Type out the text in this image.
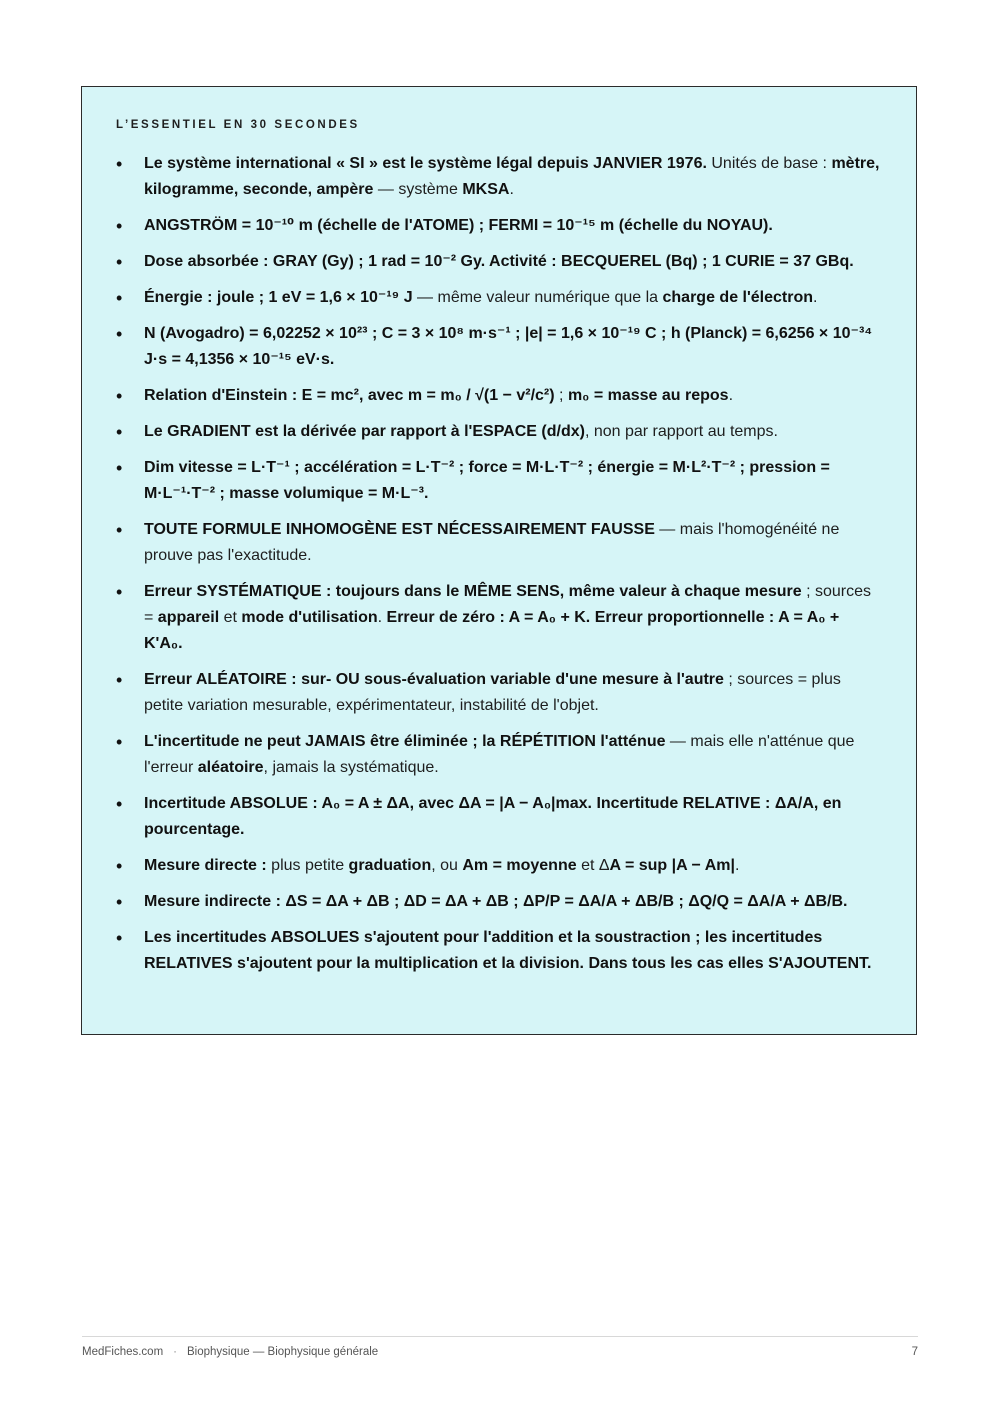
L’ESSENTIEL EN 30 SECONDES
• Le système international « SI » est le système légal depuis JANVIER 1976. Unités de base : mètre, kilogramme, seconde, ampère — système MKSA.
• ANGSTRÖM = 10⁻¹⁰ m (échelle de l'ATOME) ; FERMI = 10⁻¹⁵ m (échelle du NOYAU).
• Dose absorbée : GRAY (Gy) ; 1 rad = 10⁻² Gy. Activité : BECQUEREL (Bq) ; 1 CURIE = 37 GBq.
• Énergie : joule ; 1 eV = 1,6 × 10⁻¹⁹ J — même valeur numérique que la charge de l'électron.
• N (Avogadro) = 6,02252 × 10²³ ; C = 3 × 10⁸ m·s⁻¹ ; |e| = 1,6 × 10⁻¹⁹ C ; h (Planck) = 6,6256 × 10⁻³⁴ J·s = 4,1356 × 10⁻¹⁵ eV·s.
• Relation d'Einstein : E = mc², avec m = m₀ / √(1 − v²/c²) ; m₀ = masse au repos.
• Le GRADIENT est la dérivée par rapport à l'ESPACE (d/dx), non par rapport au temps.
• Dim vitesse = L·T⁻¹ ; accélération = L·T⁻² ; force = M·L·T⁻² ; énergie = M·L²·T⁻² ; pression = M·L⁻¹·T⁻² ; masse volumique = M·L⁻³.
• TOUTE FORMULE INHOMOGÈNE EST NÉCESSAIREMENT FAUSSE — mais l'homogénéité ne prouve pas l'exactitude.
• Erreur SYSTÉMATIQUE : toujours dans le MÊME SENS, même valeur à chaque mesure ; sources = appareil et mode d'utilisation. Erreur de zéro : A = A₀ + K. Erreur proportionnelle : A = A₀ + K'A₀.
• Erreur ALÉATOIRE : sur- OU sous-évaluation variable d'une mesure à l'autre ; sources = plus petite variation mesurable, expérimentateur, instabilité de l'objet.
• L'incertitude ne peut JAMAIS être éliminée ; la RÉPÉTITION l'atténue — mais elle n'atténue que l'erreur aléatoire, jamais la systématique.
• Incertitude ABSOLUE : A₀ = A ± ΔA, avec ΔA = |A − A₀|max. Incertitude RELATIVE : ΔA/A, en pourcentage.
• Mesure directe : plus petite graduation, ou Am = moyenne et ΔA = sup |A − Am|.
• Mesure indirecte : ΔS = ΔA + ΔB ; ΔD = ΔA + ΔB ; ΔP/P = ΔA/A + ΔB/B ; ΔQ/Q = ΔA/A + ΔB/B.
• Les incertitudes ABSOLUES s'ajoutent pour l'addition et la soustraction ; les incertitudes RELATIVES s'ajoutent pour la multiplication et la division. Dans tous les cas elles S'AJOUTENT.
MedFiches.com · Biophysique — Biophysique générale	7
